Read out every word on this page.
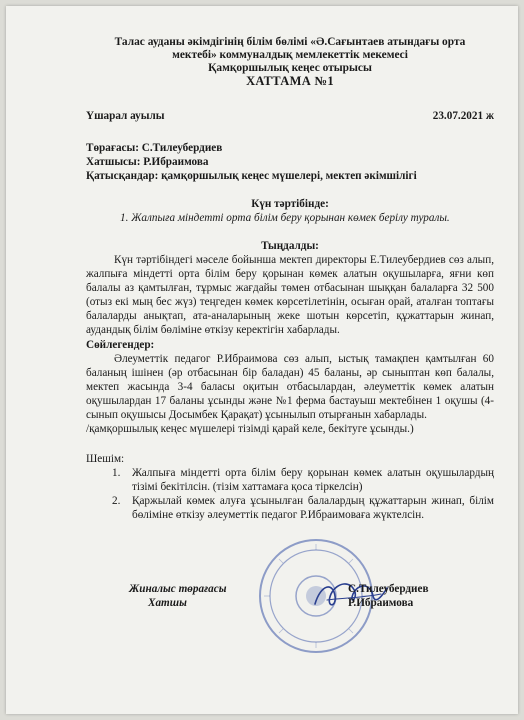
Талас ауданы әкімдігінің білім бөлімі «Ә.Сағынтаев атындағы орта
мектебі» коммуналдық мемлекеттік мекемесі
Қамқоршылық кеңес отырысы
ХАТТАМА №1
Үшарал ауылы	23.07.2021 ж
Төрағасы: С.Тилеубердиев
Хатшысы: Р.Ибраимова
Қатысқандар: қамқоршылық кеңес мүшелері, мектеп әкімшілігі
Күн тәртібінде:
1. Жалпыға міндетті орта білім беру қорынан көмек берілу туралы.
Тыңдалды:

Күн тәртібіндегі мәселе бойынша мектеп директоры Е.Тилеубердиев сөз алып, жалпыға міндетті орта білім беру қорынан көмек алатын оқушыларға, яғни көп балалы аз қамтылған, тұрмыс жағдайы төмен отбасынан шыққан балаларға 32 500 (отыз екі мың бес жүз) теңгеден көмек көрсетілетінін, осыған орай, аталған топтағы балаларды анықтап, ата-аналарының жеке шотын көрсетіп, құжаттарын жинап, аудандық білім бөліміне өткізу керектігін хабарлады.

Сөйлегендер:

Әлеуметтік педагог Р.Ибраимова сөз алып, ыстық тамақпен қамтылған 60 баланың ішінен (әр отбасынан бір баладан) 45 баланы, әр сыныптан көп балалы, мектеп жасында 3-4 баласы оқитын отбасылардан, әлеуметтік көмек алатын оқушылардан 17 баланы ұсынды және №1 ферма бастауыш мектебінен 1 оқушы (4-сынып оқушысы Досымбек Қарақат) ұсынылып отырғанын хабарлады.

/қамқоршылық кеңес мүшелері тізімді қарай келе, бекітуге ұсынды.)

Шешім:
1.	Жалпыға міндетті орта білім беру қорынан көмек алатын оқушылардың тізімі бекітілсін. (тізім хаттамаға қоса тіркелсін)
2.	Қаржылай көмек алуға ұсынылған балалардың құжаттарын жинап, білім бөліміне өткізу әлеуметтік педагог Р.Ибраимоваға жүктелсін.
Жиналыс төрағасы
Хатшы
С.Тилеубердиев
Р.Ибраимова
